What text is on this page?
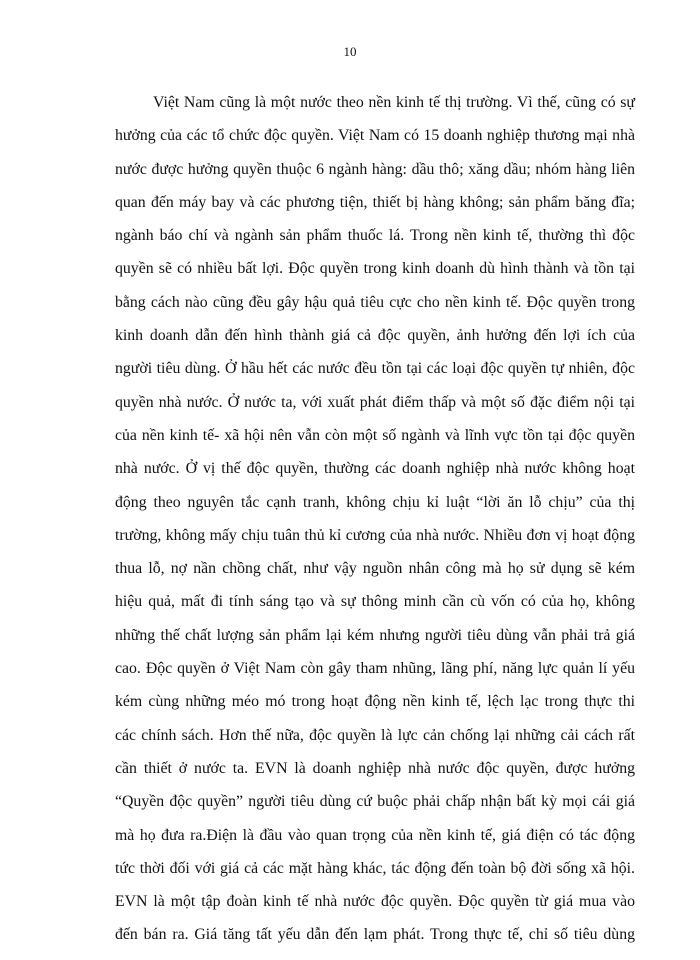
10
Việt Nam cũng là một nước theo nền kinh tế thị trường. Vì thế, cũng có sự
hưởng của các tổ chức độc quyền. Việt Nam có 15 doanh nghiệp thương mại nhà
nước được hưởng quyền thuộc 6 ngành hàng: dầu thô; xăng dầu; nhóm hàng liên
quan đến máy bay và các phương tiện, thiết bị hàng không; sản phẩm băng đĩa;
ngành báo chí và ngành sản phẩm thuốc lá. Trong nền kinh tế, thường thì độc
quyền sẽ có nhiều bất lợi. Độc quyền trong kinh doanh dù hình thành và tồn tại
bằng cách nào cũng đều gây hậu quả tiêu cực cho nền kinh tế. Độc quyền trong
kinh doanh dẫn đến hình thành giá cả độc quyền, ảnh hưởng đến lợi ích của
người tiêu dùng. Ở hầu hết các nước đều tồn tại các loại độc quyền tự nhiên, độc
quyền nhà nước. Ở nước ta, với xuất phát điểm thấp và một số đặc điểm nội tại
của nền kinh tế- xã hội nên vẫn còn một số ngành và lĩnh vực tồn tại độc quyền
nhà nước. Ở vị thế độc quyền, thường các doanh nghiệp nhà nước không hoạt
động theo nguyên tắc cạnh tranh, không chịu kỉ luật “lời ăn lỗ chịu” của thị
trường, không mấy chịu tuân thủ kỉ cương của nhà nước. Nhiều đơn vị hoạt động
thua lỗ, nợ nần chồng chất, như vậy nguồn nhân công mà họ sử dụng sẽ kém
hiệu quả, mất đi tính sáng tạo và sự thông minh cần cù vốn có của họ, không
những thế chất lượng sản phẩm lại kém nhưng người tiêu dùng vẫn phải trả giá
cao. Độc quyền ở Việt Nam còn gây tham nhũng, lãng phí, năng lực quản lí yếu
kém cùng những méo mó trong hoạt động nền kinh tế, lệch lạc trong thực thi
các chính sách. Hơn thế nữa, độc quyền là lực cản chống lại những cải cách rất
cần thiết ở nước ta. EVN là doanh nghiệp nhà nước độc quyền, được hưởng
“Quyền độc quyền” người tiêu dùng cứ buộc phải chấp nhận bất kỳ mọi cái giá
mà họ đưa ra.Điện là đầu vào quan trọng của nền kinh tế, giá điện có tác động
tức thời đối với giá cả các mặt hàng khác, tác động đến toàn bộ đời sống xã hội.
EVN là một tập đoàn kinh tế nhà nước độc quyền. Độc quyền từ giá mua vào
đến bán ra. Giá tăng tất yếu dẫn đến lạm phát. Trong thực tế, chỉ số tiêu dùng
